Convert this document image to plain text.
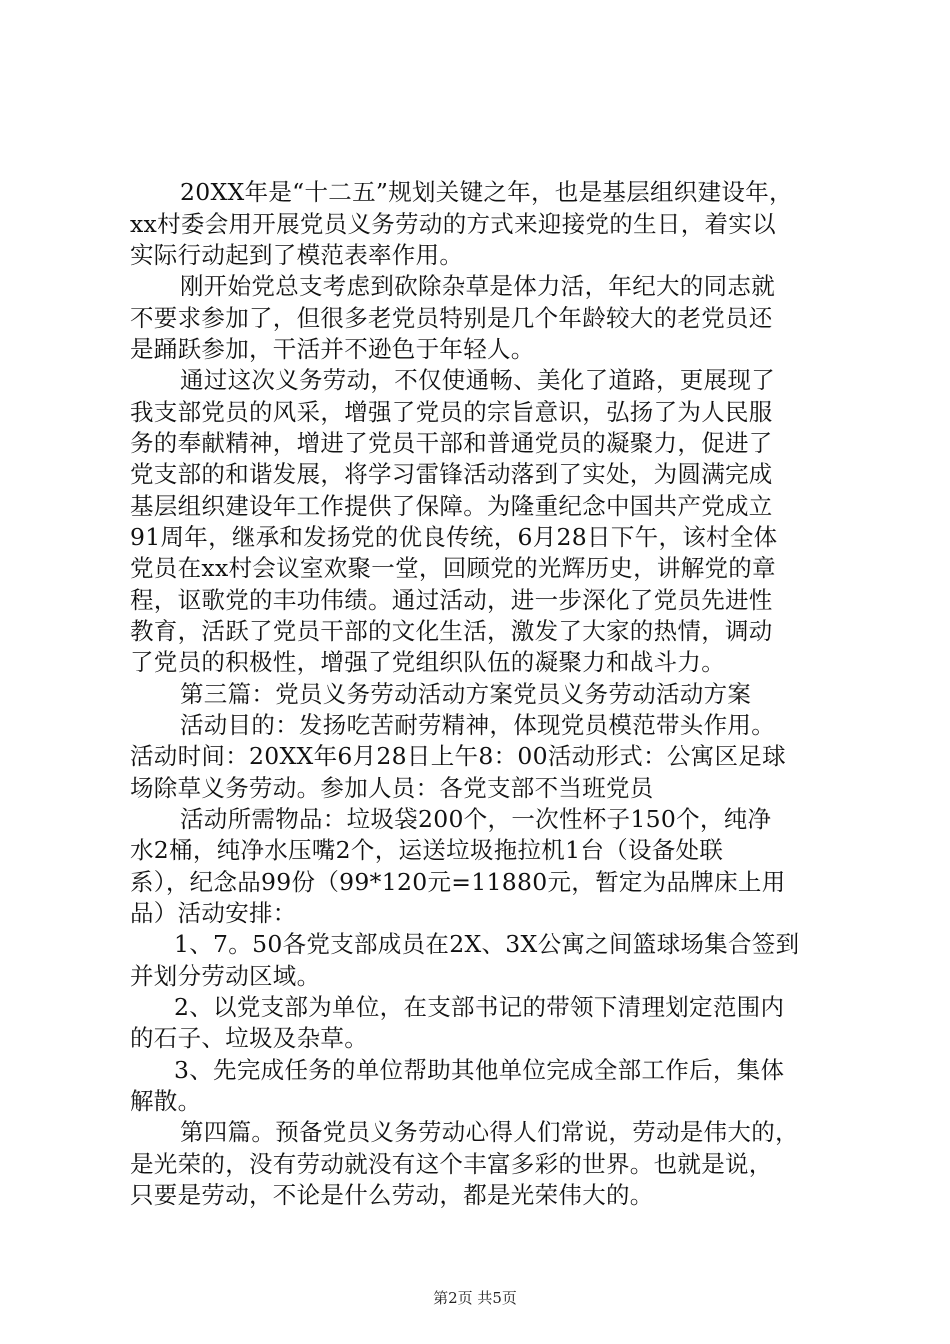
20XX年是“十二五”规划关键之年，也是基层组织建设年，
xx村委会用开展党员义务劳动的方式来迎接党的生日，着实以
实际行动起到了模范表率作用。
刚开始党总支考虑到砍除杂草是体力活，年纪大的同志就
不要求参加了，但很多老党员特别是几个年龄较大的老党员还
是踊跃参加，干活并不逊色于年轻人。
通过这次义务劳动，不仅使通畅、美化了道路，更展现了
我支部党员的风采，增强了党员的宗旨意识，弘扬了为人民服
务的奉献精神，增进了党员干部和普通党员的凝聚力，促进了
党支部的和谐发展，将学习雷锋活动落到了实处，为圆满完成
基层组织建设年工作提供了保障。为隆重纪念中国共产党成立
91周年，继承和发扬党的优良传统，6月28日下午，该村全体
党员在xx村会议室欢聚一堂，回顾党的光辉历史，讲解党的章
程，讴歌党的丰功伟绩。通过活动，进一步深化了党员先进性
教育，活跃了党员干部的文化生活，激发了大家的热情，调动
了党员的积极性，增强了党组织队伍的凝聚力和战斗力。
第三篇：党员义务劳动活动方案党员义务劳动活动方案
活动目的：发扬吃苦耐劳精神，体现党员模范带头作用。
活动时间：20XX年6月28日上午8：00活动形式：公寓区足球
场除草义务劳动。参加人员：各党支部不当班党员
活动所需物品：垃圾袋200个，一次性杯子150个，纯净
水2桶，纯净水压嘴2个，运送垃圾拖拉机1台（设备处联
系），纪念品99份（99*120元=11880元，暂定为品牌床上用
品）活动安排：
1、7。50各党支部成员在2X、3X公寓之间篮球场集合签到
并划分劳动区域。
2、以党支部为单位，在支部书记的带领下清理划定范围内
的石子、垃圾及杂草。
3、先完成任务的单位帮助其他单位完成全部工作后，集体
解散。
第四篇。预备党员义务劳动心得人们常说，劳动是伟大的，
是光荣的，没有劳动就没有这个丰富多彩的世界。也就是说，
只要是劳动，不论是什么劳动，都是光荣伟大的。
第2页 共5页
